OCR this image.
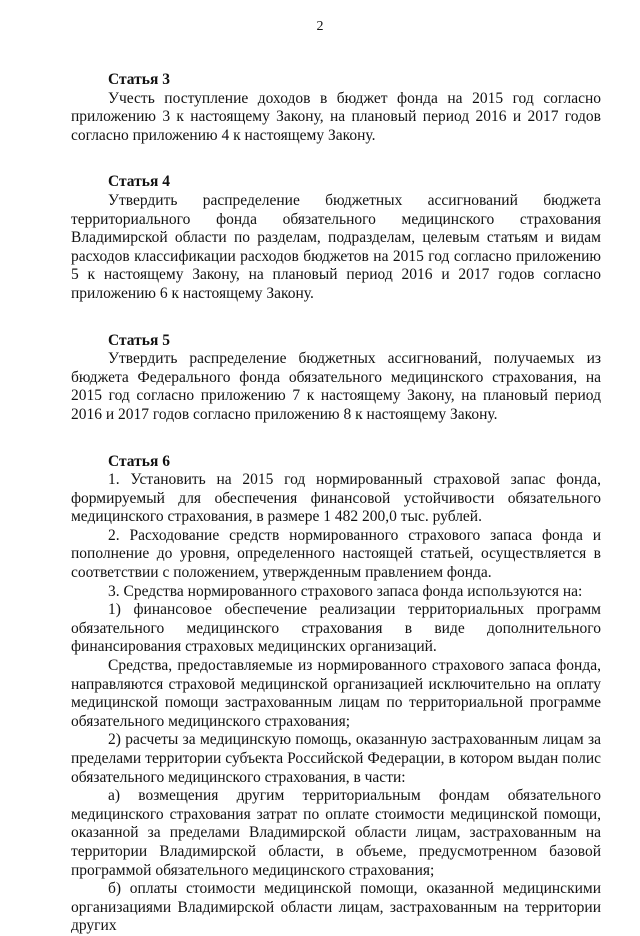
2
Статья 3

Учесть поступление доходов в бюджет фонда на 2015 год согласно приложению 3 к настоящему Закону, на плановый период 2016 и 2017 годов согласно приложению 4 к настоящему Закону.

Статья 4

Утвердить распределение бюджетных ассигнований бюджета территориального фонда обязательного медицинского страхования Владимирской области по разделам, подразделам, целевым статьям и видам расходов классификации расходов бюджетов на 2015 год согласно приложению 5 к настоящему Закону, на плановый период 2016 и 2017 годов согласно приложению 6 к настоящему Закону.

Статья 5

Утвердить распределение бюджетных ассигнований, получаемых из бюджета Федерального фонда обязательного медицинского страхования, на 2015 год согласно приложению 7 к настоящему Закону, на плановый период 2016 и 2017 годов согласно приложению 8 к настоящему Закону.

Статья 6

1. Установить на 2015 год нормированный страховой запас фонда, формируемый для обеспечения финансовой устойчивости обязательного медицинского страхования, в размере 1 482 200,0 тыс. рублей.

2. Расходование средств нормированного страхового запаса фонда и пополнение до уровня, определенного настоящей статьей, осуществляется в соответствии с положением, утвержденным правлением фонда.

3. Средства нормированного страхового запаса фонда используются на:

1) финансовое обеспечение реализации территориальных программ обязательного медицинского страхования в виде дополнительного финансирования страховых медицинских организаций.

Средства, предоставляемые из нормированного страхового запаса фонда, направляются страховой медицинской организацией исключительно на оплату медицинской помощи застрахованным лицам по территориальной программе обязательного медицинского страхования;

2) расчеты за медицинскую помощь, оказанную застрахованным лицам за пределами территории субъекта Российской Федерации, в котором выдан полис обязательного медицинского страхования, в части:

а) возмещения другим территориальным фондам обязательного медицинского страхования затрат по оплате стоимости медицинской помощи, оказанной за пределами Владимирской области лицам, застрахованным на территории Владимирской области, в объеме, предусмотренном базовой программой обязательного медицинского страхования;

б) оплаты стоимости медицинской помощи, оказанной медицинскими организациями Владимирской области лицам, застрахованным на территории других
